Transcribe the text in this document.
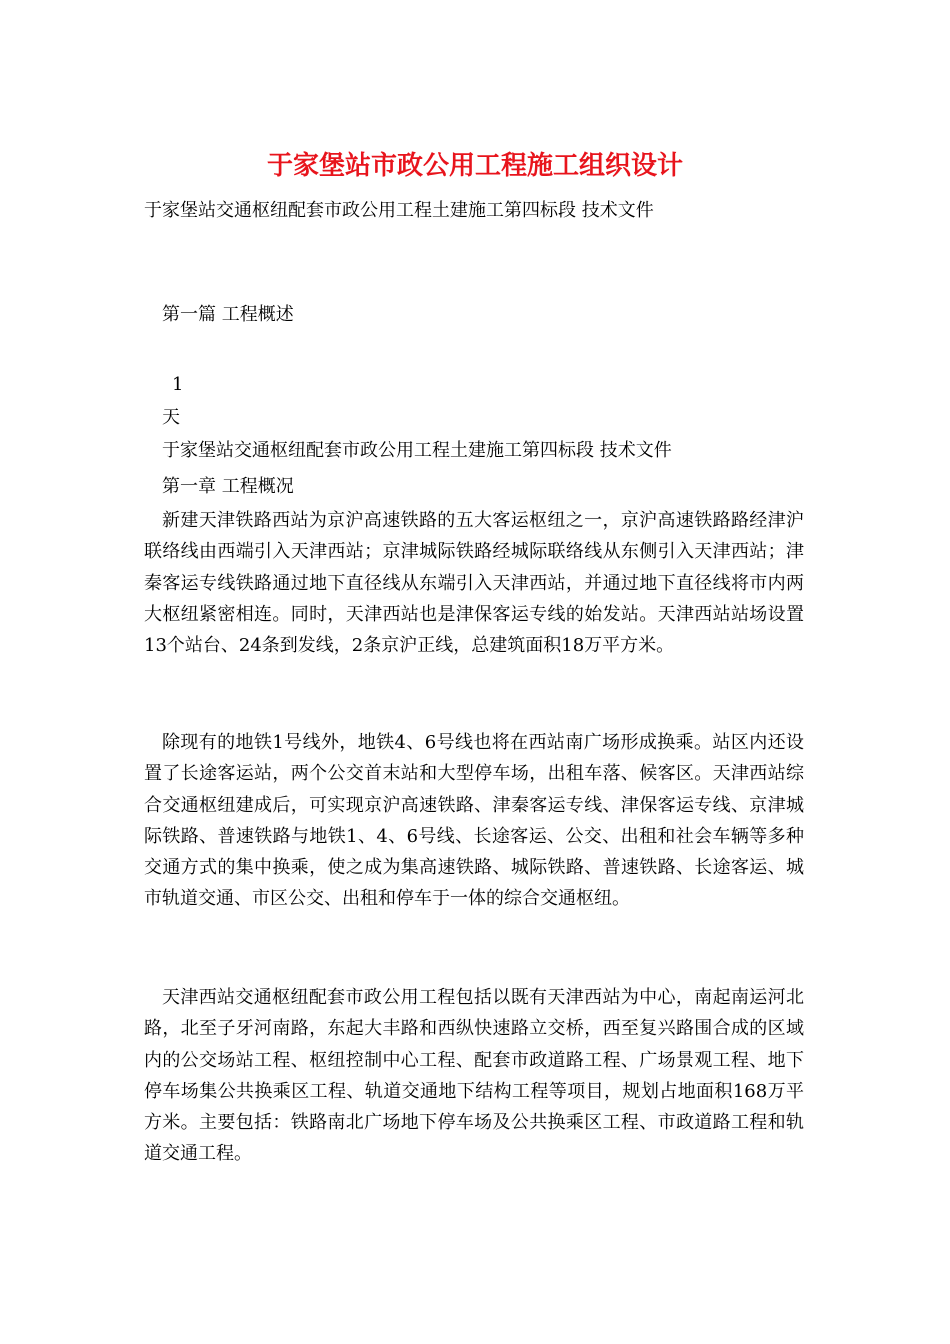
于家堡站市政公用工程施工组织设计

于家堡站交通枢纽配套市政公用工程土建施工第四标段 技术文件

第一篇 工程概述

1

天

于家堡站交通枢纽配套市政公用工程土建施工第四标段 技术文件

第一章 工程概况

新建天津铁路西站为京沪高速铁路的五大客运枢纽之一，京沪高速铁路路经津沪联络线由西端引入天津西站；京津城际铁路经城际联络线从东侧引入天津西站；津秦客运专线铁路通过地下直径线从东端引入天津西站，并通过地下直径线将市内两大枢纽紧密相连。同时，天津西站也是津保客运专线的始发站。天津西站站场设置13个站台、24条到发线，2条京沪正线，总建筑面积18万平方米。

除现有的地铁1号线外，地铁4、6号线也将在西站南广场形成换乘。站区内还设置了长途客运站，两个公交首末站和大型停车场，出租车落、候客区。天津西站综合交通枢纽建成后，可实现京沪高速铁路、津秦客运专线、津保客运专线、京津城际铁路、普速铁路与地铁1、4、6号线、长途客运、公交、出租和社会车辆等多种交通方式的集中换乘，使之成为集高速铁路、城际铁路、普速铁路、长途客运、城市轨道交通、市区公交、出租和停车于一体的综合交通枢纽。

天津西站交通枢纽配套市政公用工程包括以既有天津西站为中心，南起南运河北路，北至子牙河南路，东起大丰路和西纵快速路立交桥，西至复兴路围合成的区域内的公交场站工程、枢纽控制中心工程、配套市政道路工程、广场景观工程、地下停车场集公共换乘区工程、轨道交通地下结构工程等项目，规划占地面积168万平方米。主要包括：铁路南北广场地下停车场及公共换乘区工程、市政道路工程和轨道交通工程。
